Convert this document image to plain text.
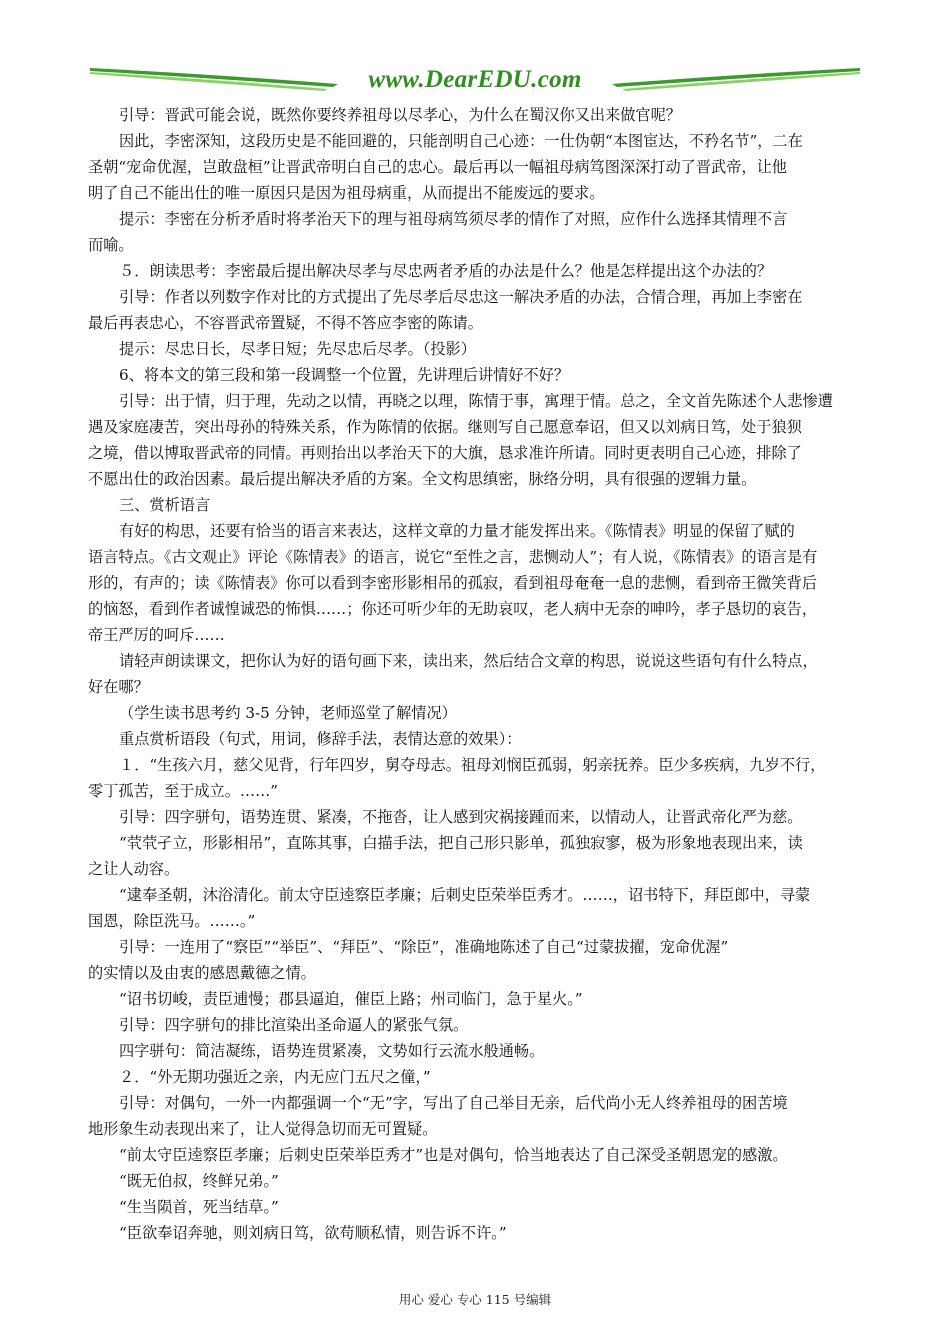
www.DearEDU.com

引导：晋武可能会说，既然你要终养祖母以尽孝心，为什么在蜀汉你又出来做官呢？

因此，李密深知，这段历史是不能回避的，只能剖明自己心迹：一仕伪朝“本图宦达，不矜名节”，二在

圣朝“宠命优渥，岂敢盘桓”让晋武帝明白自己的忠心。最后再以一幅祖母病笃图深深打动了晋武帝，让他

明了自己不能出仕的唯一原因只是因为祖母病重，从而提出不能废远的要求。

提示：李密在分析矛盾时将孝治天下的理与祖母病笃须尽孝的情作了对照，应作什么选择其情理不言

而喻。

５．朗读思考：李密最后提出解决尽孝与尽忠两者矛盾的办法是什么？他是怎样提出这个办法的？

引导：作者以列数字作对比的方式提出了先尽孝后尽忠这一解决矛盾的办法，合情合理，再加上李密在

最后再表忠心，不容晋武帝置疑，不得不答应李密的陈请。

提示：尽忠日长，尽孝日短；先尽忠后尽孝。（投影）

6、将本文的第三段和第一段调整一个位置，先讲理后讲情好不好？

引导：出于情，归于理，先动之以情，再晓之以理，陈情于事，寓理于情。总之，全文首先陈述个人悲惨遭

遇及家庭凄苦，突出母孙的特殊关系，作为陈情的依据。继则写自己愿意奉诏，但又以刘病日笃，处于狼狈

之境，借以博取晋武帝的同情。再则抬出以孝治天下的大旗，恳求准许所请。同时更表明自己心迹，排除了

不愿出仕的政治因素。最后提出解决矛盾的方案。全文构思缜密，脉络分明，具有很强的逻辑力量。

三、赏析语言

有好的构思，还要有恰当的语言来表达，这样文章的力量才能发挥出来。《陈情表》明显的保留了赋的

语言特点。《古文观止》评论《陈情表》的语言，说它“至性之言，悲恻动人”；有人说，《陈情表》的语言是有

形的，有声的；读《陈情表》你可以看到李密形影相吊的孤寂，看到祖母奄奄一息的悲恻，看到帝王微笑背后

的恼怒，看到作者诚惶诚恐的怖惧……；你还可听少年的无助哀叹，老人病中无奈的呻吟，孝子恳切的哀告，

帝王严厉的呵斥……

请轻声朗读课文，把你认为好的语句画下来，读出来，然后结合文章的构思，说说这些语句有什么特点，

好在哪？

（学生读书思考约 3-5 分钟，老师巡堂了解情况）

重点赏析语段（句式，用词，修辞手法，表情达意的效果）：

１．“生孩六月，慈父见背，行年四岁，舅夺母志。祖母刘悯臣孤弱，躬亲抚养。臣少多疾病，九岁不行，

零丁孤苦，至于成立。……”

引导：四字骈句，语势连贯、紧凑，不拖沓，让人感到灾祸接踵而来，以情动人，让晋武帝化严为慈。

“茕茕孑立，形影相吊”，直陈其事，白描手法，把自己形只影单，孤独寂寥，极为形象地表现出来，读

之让人动容。

“逮奉圣朝，沐浴清化。前太守臣逵察臣孝廉；后刺史臣荣举臣秀才。……，诏书特下，拜臣郎中，寻蒙

国恩，除臣洗马。……。”

引导：一连用了“察臣”“举臣”、“拜臣”、“除臣”，准确地陈述了自己“过蒙拔擢，宠命优渥”

的实情以及由衷的感恩戴德之情。

“诏书切峻，责臣逋慢；郡县逼迫，催臣上路；州司临门，急于星火。”

引导：四字骈句的排比渲染出圣命逼人的紧张气氛。

四字骈句：简洁凝练，语势连贯紧凑，文势如行云流水般通畅。

２．“外无期功强近之亲，内无应门五尺之僮，”

引导：对偶句，一外一内都强调一个“无”字，写出了自己举目无亲，后代尚小无人终养祖母的困苦境

地形象生动表现出来了，让人觉得急切而无可置疑。

“前太守臣逵察臣孝廉；后刺史臣荣举臣秀才”也是对偶句，恰当地表达了自己深受圣朝恩宠的感激。

“既无伯叔，终鲜兄弟。”

“生当陨首，死当结草。”

“臣欲奉诏奔驰，则刘病日笃，欲苟顺私情，则告诉不许。”

用心 爱心 专心 115 号编辑
